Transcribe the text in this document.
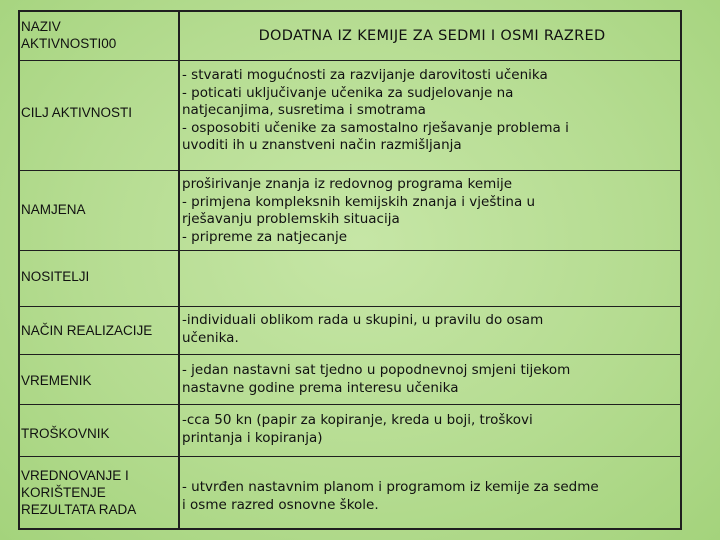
NAZIV
AKTIVNOSTI00	DODATNA IZ KEMIJE ZA SEDMI I OSMI RAZRED
CILJ AKTIVNOSTI
- stvarati mogućnosti za razvijanje darovitosti učenika
- poticati uključivanje učenika za sudjelovanje na
natjecanjima, susretima i smotrama
- osposobiti učenike za samostalno rješavanje problema i
uvoditi ih u znanstveni način razmišljanja
NAMJENA
proširivanje znanja iz redovnog programa kemije
- primjena kompleksnih kemijskih znanja i vještina u
rješavanju problemskih situacija
- pripreme za natjecanje
NOSITELJI
NAČIN REALIZACIJE
-individuali oblikom rada u skupini, u pravilu do osam
učenika.
VREMENIK
- jedan nastavni sat tjedno u popodnevnoj smjeni tijekom
nastavne godine prema interesu učenika
TROŠKOVNIK
-cca 50 kn (papir za kopiranje, kreda u boji, troškovi
printanja i kopiranja)
VREDNOVANJE I
KORIŠTENJE
REZULTATA RADA
- utvrđen nastavnim planom i programom iz kemije za sedme
i osme razred osnovne škole.
